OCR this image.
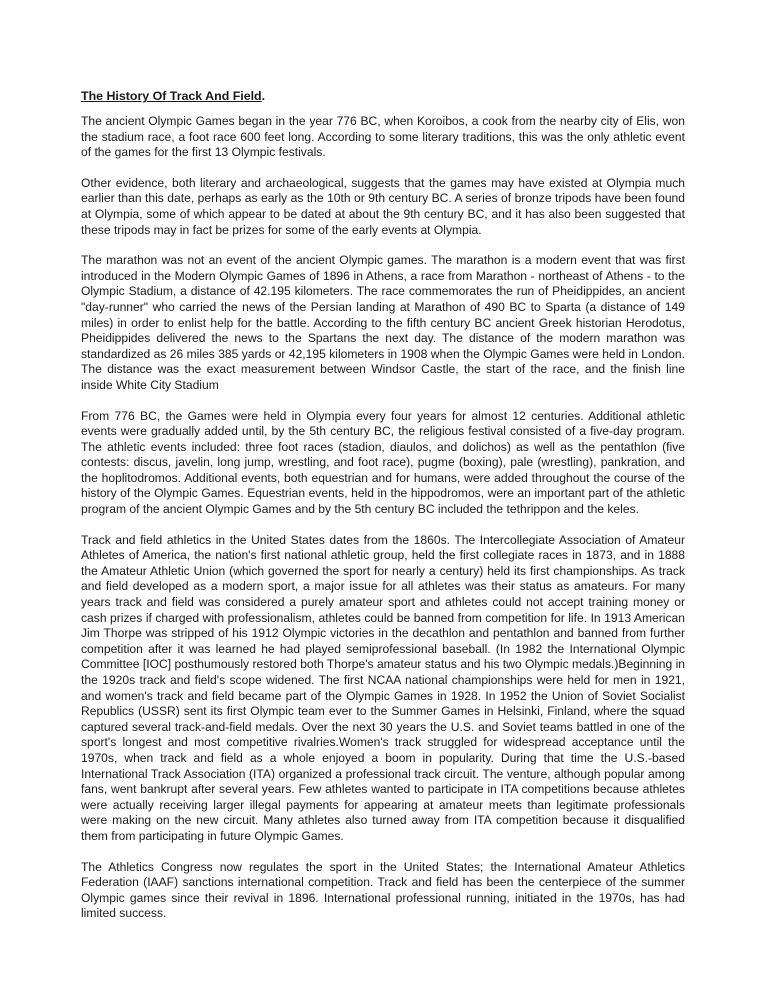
The History Of Track And Field.

The ancient Olympic Games began in the year 776 BC, when Koroibos, a cook from the nearby city of Elis, won the stadium race, a foot race 600 feet long. According to some literary traditions, this was the only athletic event of the games for the first 13 Olympic festivals.

Other evidence, both literary and archaeological, suggests that the games may have existed at Olympia much earlier than this date, perhaps as early as the 10th or 9th century BC. A series of bronze tripods have been found at Olympia, some of which appear to be dated at about the 9th century BC, and it has also been suggested that these tripods may in fact be prizes for some of the early events at Olympia.

The marathon was not an event of the ancient Olympic games. The marathon is a modern event that was first introduced in the Modern Olympic Games of 1896 in Athens, a race from Marathon - northeast of Athens - to the Olympic Stadium, a distance of 42.195 kilometers. The race commemorates the run of Pheidippides, an ancient "day-runner" who carried the news of the Persian landing at Marathon of 490 BC to Sparta (a distance of 149 miles) in order to enlist help for the battle. According to the fifth century BC ancient Greek historian Herodotus, Pheidippides delivered the news to the Spartans the next day. The distance of the modern marathon was standardized as 26 miles 385 yards or 42,195 kilometers in 1908 when the Olympic Games were held in London. The distance was the exact measurement between Windsor Castle, the start of the race, and the finish line inside White City Stadium

From 776 BC, the Games were held in Olympia every four years for almost 12 centuries. Additional athletic events were gradually added until, by the 5th century BC, the religious festival consisted of a five-day program. The athletic events included: three foot races (stadion, diaulos, and dolichos) as well as the pentathlon (five contests: discus, javelin, long jump, wrestling, and foot race), pugme (boxing), pale (wrestling), pankration, and the hoplitodromos. Additional events, both equestrian and for humans, were added throughout the course of the history of the Olympic Games. Equestrian events, held in the hippodromos, were an important part of the athletic program of the ancient Olympic Games and by the 5th century BC included the tethrippon and the keles.

Track and field athletics in the United States dates from the 1860s. The Intercollegiate Association of Amateur Athletes of America, the nation's first national athletic group, held the first collegiate races in 1873, and in 1888 the Amateur Athletic Union (which governed the sport for nearly a century) held its first championships. As track and field developed as a modern sport, a major issue for all athletes was their status as amateurs. For many years track and field was considered a purely amateur sport and athletes could not accept training money or cash prizes if charged with professionalism, athletes could be banned from competition for life. In 1913 American Jim Thorpe was stripped of his 1912 Olympic victories in the decathlon and pentathlon and banned from further competition after it was learned he had played semiprofessional baseball. (In 1982 the International Olympic Committee [IOC] posthumously restored both Thorpe's amateur status and his two Olympic medals.)Beginning in the 1920s track and field's scope widened. The first NCAA national championships were held for men in 1921, and women's track and field became part of the Olympic Games in 1928. In 1952 the Union of Soviet Socialist Republics (USSR) sent its first Olympic team ever to the Summer Games in Helsinki, Finland, where the squad captured several track-and-field medals. Over the next 30 years the U.S. and Soviet teams battled in one of the sport's longest and most competitive rivalries.Women's track struggled for widespread acceptance until the 1970s, when track and field as a whole enjoyed a boom in popularity. During that time the U.S.-based International Track Association (ITA) organized a professional track circuit. The venture, although popular among fans, went bankrupt after several years. Few athletes wanted to participate in ITA competitions because athletes were actually receiving larger illegal payments for appearing at amateur meets than legitimate professionals were making on the new circuit. Many athletes also turned away from ITA competition because it disqualified them from participating in future Olympic Games.

The Athletics Congress now regulates the sport in the United States; the International Amateur Athletics Federation (IAAF) sanctions international competition. Track and field has been the centerpiece of the summer Olympic games since their revival in 1896. International professional running, initiated in the 1970s, has had limited success.
